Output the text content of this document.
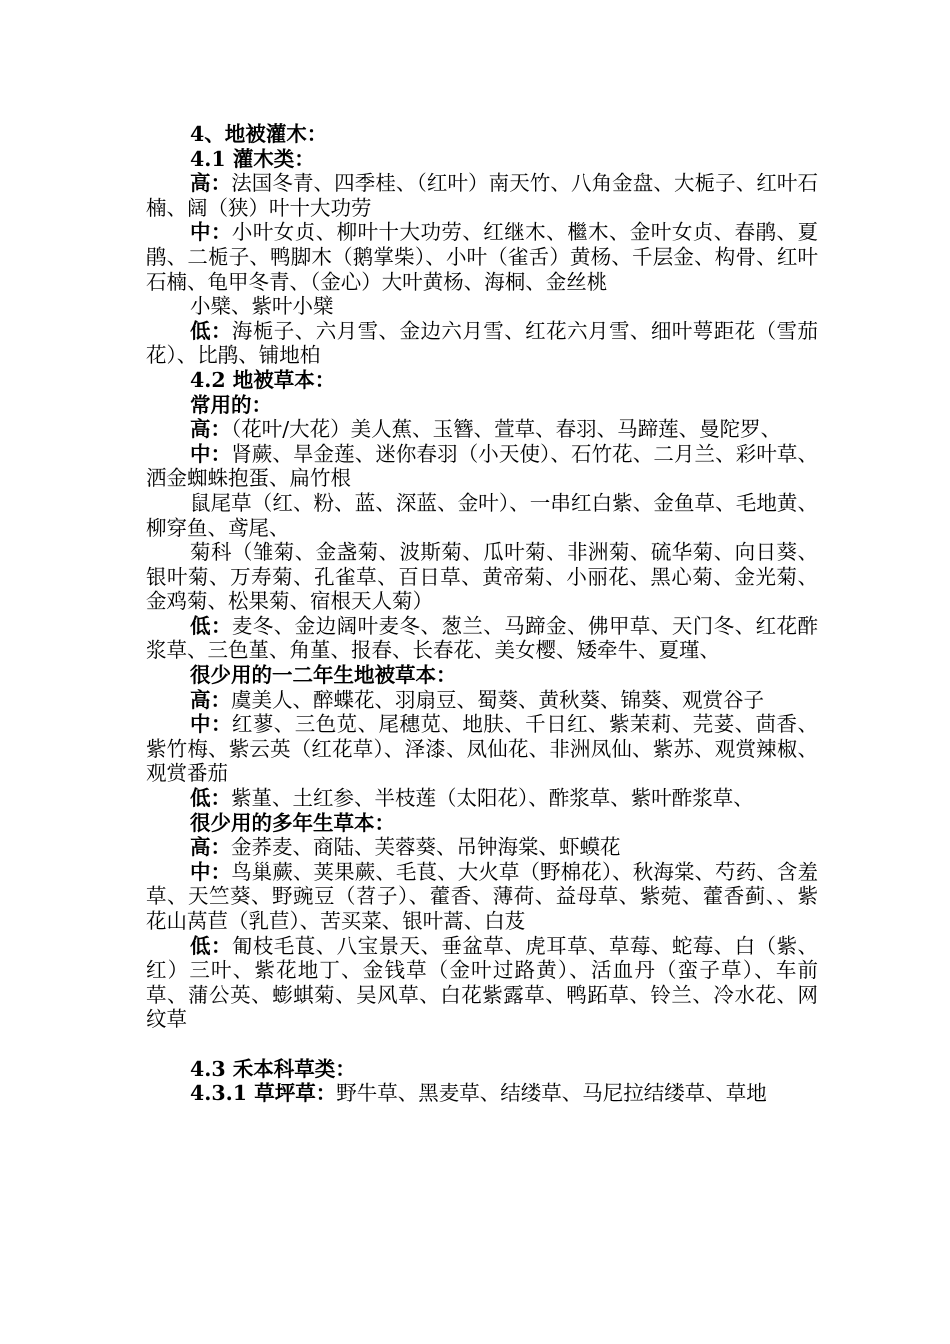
4、地被灌木：

4.1 灌木类：

高：法国冬青、四季桂、（红叶）南天竹、八角金盘、大栀子、红叶石楠、阔（狭）叶十大功劳

中：小叶女贞、柳叶十大功劳、红继木、檵木、金叶女贞、春鹃、夏鹃、二栀子、鸭脚木（鹅掌柴）、小叶（雀舌）黄杨、千层金、构骨、红叶石楠、龟甲冬青、（金心）大叶黄杨、海桐、金丝桃

小檗、紫叶小檗

低：海栀子、六月雪、金边六月雪、红花六月雪、细叶萼距花（雪茄花）、比鹃、铺地柏

4.2 地被草本：

常用的：

高：（花叶/大花）美人蕉、玉簪、萱草、春羽、马蹄莲、曼陀罗、

中：肾蕨、旱金莲、迷你春羽（小天使）、石竹花、二月兰、彩叶草、洒金蜘蛛抱蛋、扁竹根

鼠尾草（红、粉、蓝、深蓝、金叶）、一串红白紫、金鱼草、毛地黄、柳穿鱼、鸢尾、

菊科（雏菊、金盏菊、波斯菊、瓜叶菊、非洲菊、硫华菊、向日葵、银叶菊、万寿菊、孔雀草、百日草、黄帝菊、小丽花、黑心菊、金光菊、金鸡菊、松果菊、宿根天人菊）

低：麦冬、金边阔叶麦冬、葱兰、马蹄金、佛甲草、天门冬、红花酢浆草、三色堇、角堇、报春、长春花、美女樱、矮牵牛、夏瑾、

很少用的一二年生地被草本：

高：虞美人、醉蝶花、羽扇豆、蜀葵、黄秋葵、锦葵、观赏谷子

中：红蓼、三色苋、尾穗苋、地肤、千日红、紫茉莉、芫荽、茴香、紫竹梅、紫云英（红花草）、泽漆、凤仙花、非洲凤仙、紫苏、观赏辣椒、观赏番茄

低：紫堇、土红参、半枝莲（太阳花）、酢浆草、紫叶酢浆草、

很少用的多年生草本：

高：金荞麦、商陆、芙蓉葵、吊钟海棠、虾蟆花

中：鸟巢蕨、荚果蕨、毛茛、大火草（野棉花）、秋海棠、芍药、含羞草、天竺葵、野豌豆（苕子）、藿香、薄荷、益母草、紫菀、藿香蓟、、紫花山莴苣（乳苣）、苦买菜、银叶蒿、白芨

低：匍枝毛茛、八宝景天、垂盆草、虎耳草、草莓、蛇莓、白（紫、红）三叶、紫花地丁、金钱草（金叶过路黄）、活血丹（蛮子草）、车前草、蒲公英、蟛蜞菊、吴风草、白花紫露草、鸭跖草、铃兰、冷水花、网纹草

4.3 禾本科草类：

4.3.1 草坪草：野牛草、黑麦草、结缕草、马尼拉结缕草、草地
